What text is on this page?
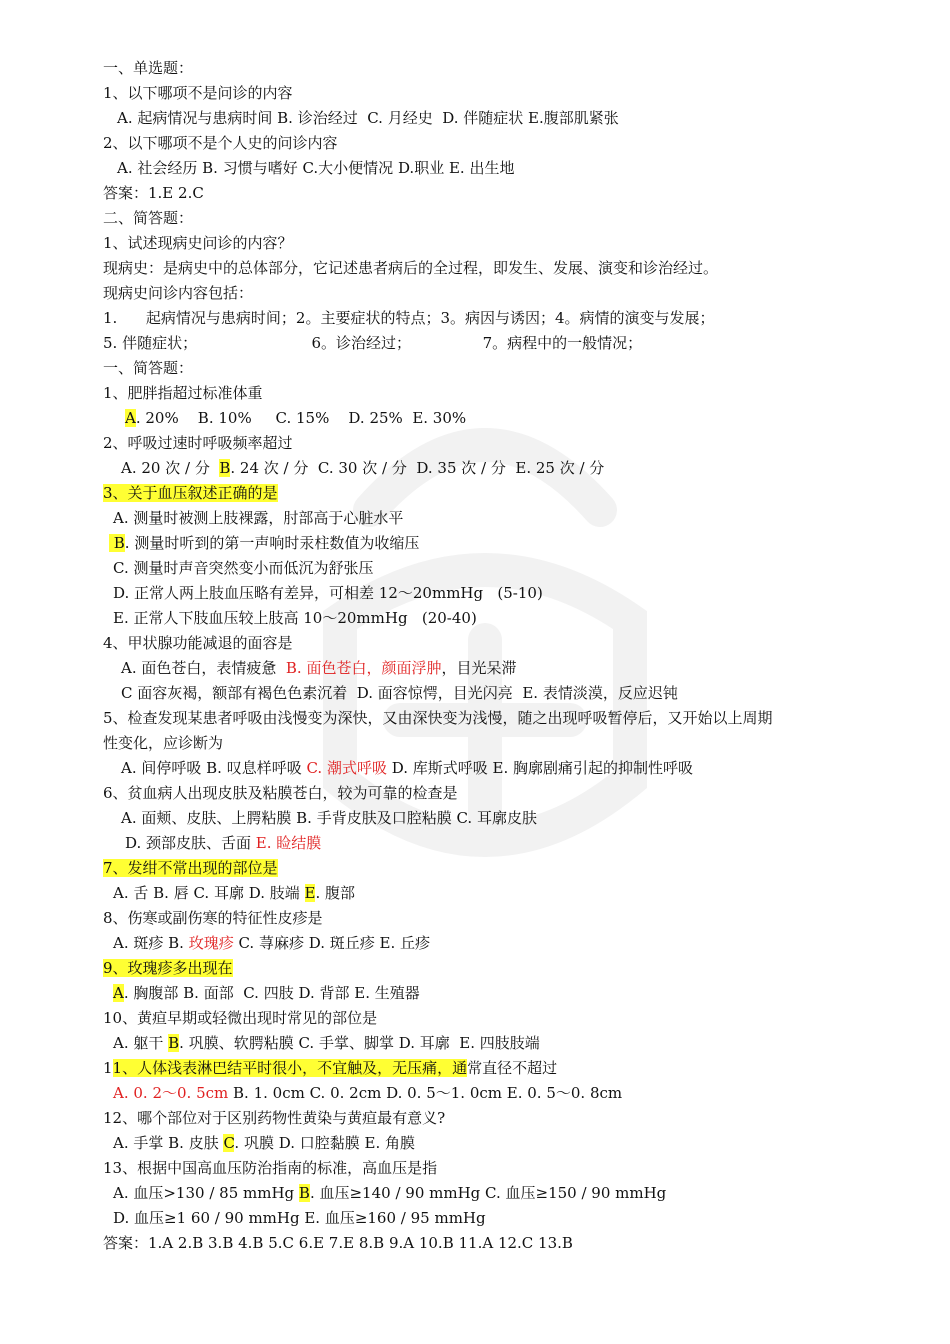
一、单选题：
1、以下哪项不是问诊的内容
A. 起病情况与患病时间 B. 诊治经过  C. 月经史  D. 伴随症状 E.腹部肌紧张
2、以下哪项不是个人史的问诊内容
A. 社会经历 B. 习惯与嗜好 C.大小便情况 D.职业 E. 出生地
答案：1.E 2.C
二、简答题：
1、试述现病史问诊的内容？
现病史：是病史中的总体部分，它记述患者病后的全过程，即发生、发展、演变和诊治经过。
现病史问诊内容包括：
1.      起病情况与患病时间；2。主要症状的特点；3。病因与诱因；4。病情的演变与发展；
5. 伴随症状；                        6。诊治经过；               7。病程中的一般情况；
一、简答题：
1、肥胖指超过标准体重
A. 20%    B. 10%     C. 15%    D. 25%  E. 30%
2、呼吸过速时呼吸频率超过
A. 20 次 / 分  B. 24 次 / 分  C. 30 次 / 分  D. 35 次 / 分  E. 25 次 / 分
3、关于血压叙述正确的是
A. 测量时被测上肢裸露，肘部高于心脏水平
B. 测量时听到的第一声响时汞柱数值为收缩压
C. 测量时声音突然变小而低沉为舒张压
D. 正常人两上肢血压略有差异，可相差 12～20mmHg   (5-10)
E. 正常人下肢血压较上肢高 10～20mmHg   (20-40)
4、甲状腺功能减退的面容是
A. 面色苍白，表情疲惫  B. 面色苍白，颜面浮肿，目光呆滞
C 面容灰褐，额部有褐色色素沉着  D. 面容惊愕，目光闪亮  E. 表情淡漠，反应迟钝
5、检查发现某患者呼吸由浅慢变为深快，又由深快变为浅慢，随之出现呼吸暂停后，又开始以上周期
性变化，应诊断为
A. 间停呼吸 B. 叹息样呼吸 C. 潮式呼吸 D. 库斯式呼吸 E. 胸廓剧痛引起的抑制性呼吸
6、贫血病人出现皮肤及粘膜苍白，较为可靠的检查是
A. 面颊、皮肤、上腭粘膜 B. 手背皮肤及口腔粘膜 C. 耳廓皮肤
D. 颈部皮肤、舌面 E. 睑结膜
7、发绀不常出现的部位是
A. 舌 B. 唇 C. 耳廓 D. 肢端 E. 腹部
8、伤寒或副伤寒的特征性皮疹是
A. 斑疹 B. 玫瑰疹 C. 荨麻疹 D. 斑丘疹 E. 丘疹
9、玫瑰疹多出现在
A. 胸腹部 B. 面部  C. 四肢 D. 背部 E. 生殖器
10、黄疸早期或轻微出现时常见的部位是
A. 躯干 B. 巩膜、软腭粘膜 C. 手掌、脚掌 D. 耳廓  E. 四肢肢端
11、人体浅表淋巴结平时很小，不宜触及，无压痛，通常直径不超过
A. 0. 2～0. 5cm B. 1. 0cm C. 0. 2cm D. 0. 5～1. 0cm E. 0. 5～0. 8cm
12、哪个部位对于区别药物性黄染与黄疸最有意义?
A. 手掌 B. 皮肤 C. 巩膜 D. 口腔黏膜 E. 角膜
13、根据中国高血压防治指南的标准，高血压是指
A. 血压>130 / 85 mmHg B. 血压≥140 / 90 mmHg C. 血压≥150 / 90 mmHg
D. 血压≥1 60 / 90 mmHg E. 血压≥160 / 95 mmHg
答案：1.A 2.B 3.B 4.B 5.C 6.E 7.E 8.B 9.A 10.B 11.A 12.C 13.B
